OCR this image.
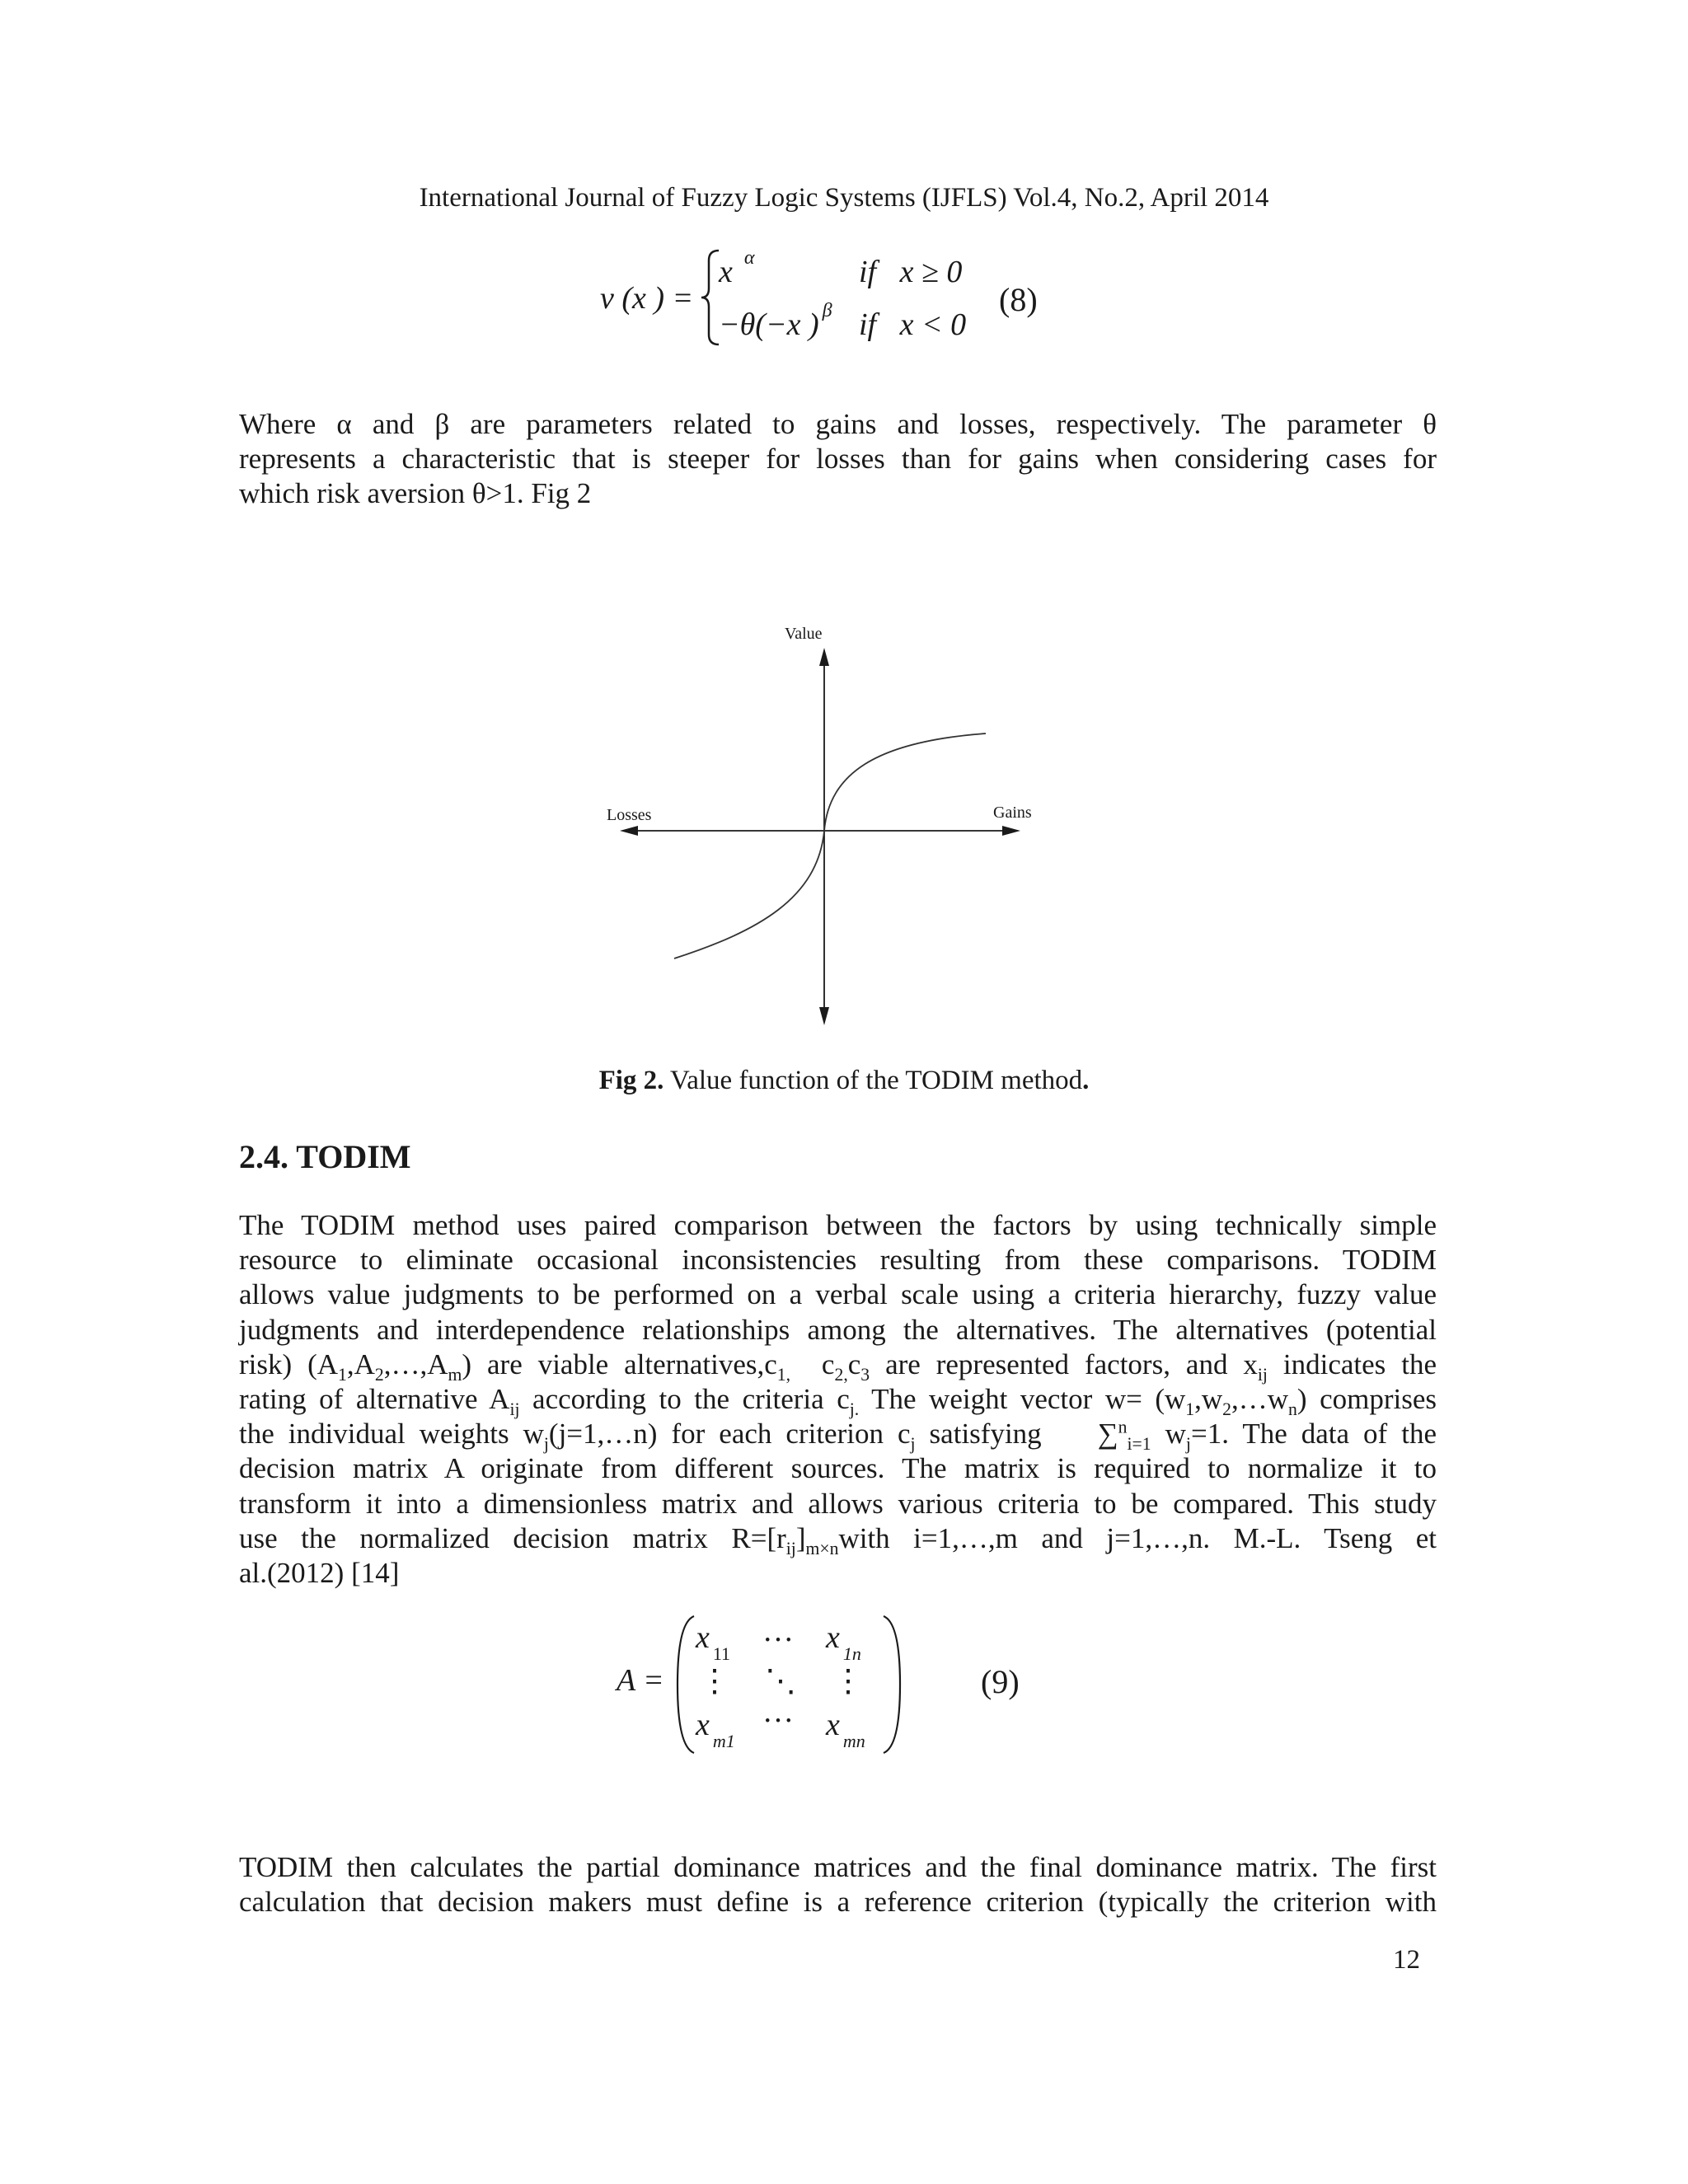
International Journal of Fuzzy Logic Systems (IJFLS) Vol.4, No.2, April 2014
v (x ) =
x $^\alpha$	if   x ≥ 0
−θ(−x ) $^\beta$ if   x < 0
(8)
Where α and β are parameters related to gains and losses, respectively. The parameter θ
represents a characteristic that is steeper for losses than for gains when considering cases for
which risk aversion θ>1. Fig 2
Value
Losses	Gains
Fig 2. Value function of the TODIM method.
2.4. TODIM
The TODIM method uses paired comparison between the factors by using technically simple
resource to eliminate occasional inconsistencies resulting from these comparisons. TODIM
allows value judgments to be performed on a verbal scale using a criteria hierarchy, fuzzy value
judgments and interdependence relationships among the alternatives. The alternatives (potential
risk) $(A_1,A_2,\dots,A_m)$ are viable $alternatives,c_{1,}$  $c_{2,}c_3$ are represented factors, and $x_{ij}$ indicates the
rating of alternative $A_{ij}$ according to the criteria $c_{j.}$ The weight vector $w= (w_1,w_2,\dots w_n)$ comprises
the individual weights $w_j(j=1,\dots n)$ for each criterion $c_j$ satisfying    ∑$^n_{i=1}$ $w_j=1$. The data of the
decision matrix A originate from different sources. The matrix is required to normalize it to
transform it into a dimensionless matrix and allows various criteria to be compared. This study
use the normalized decision matrix $R=[r_{ij}]_{m\times n}with$ i=1,…,m and j=1,…,n. M.-L. Tseng et
al.(2012) [14]
A =
x $_{11}$
… x $_{1n}$
⋮ ⋱ ⋮
x $_{m1}$
… x $_{mn}$
(9)
TODIM then calculates the partial dominance matrices and the final dominance matrix. The first
calculation that decision makers must define is a reference criterion (typically the criterion with
12
